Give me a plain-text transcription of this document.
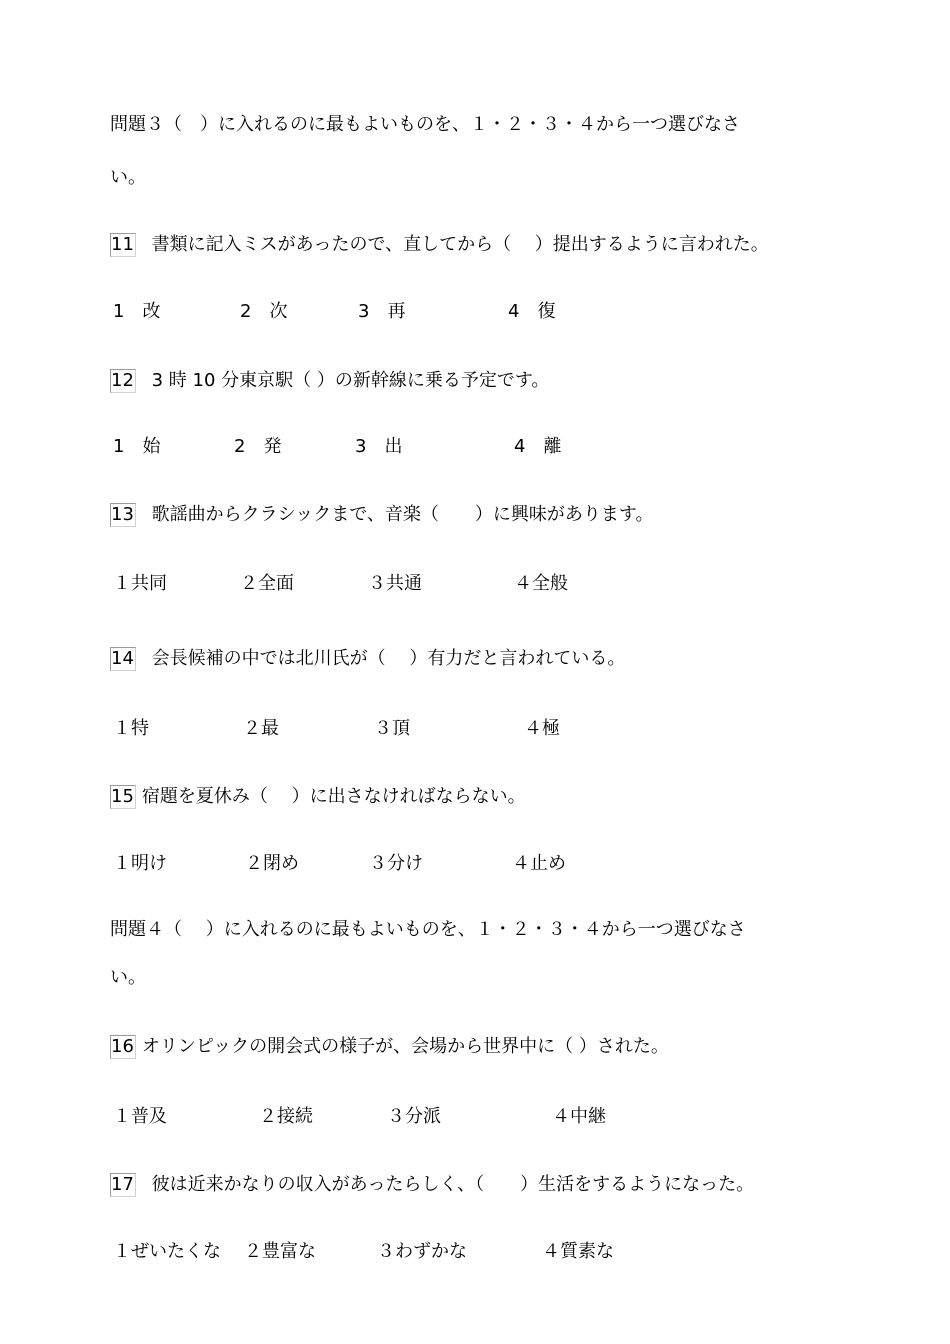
問題３（　）に入れるのに最もよいものを、１・２・３・４から一つ選びなさ
い。
11 書類に記入ミスがあったので、直してから（　 ）提出するように言われた。
1　改	2　次	3　再	4　復
12 3 時 10 分東京駅（ ）の新幹線に乗る予定です。
1　始	2　発	3　出	4　離
13 歌謡曲からクラシックまで、音楽（　　）に興味があります。
１共同	２全面	３共通	４全般
14 会長候補の中では北川氏が（　 ）有力だと言われている。
１特	２最	３頂	４極
15 宿題を夏休み（　 ）に出さなければならない。
１明け	２閉め	３分け	４止め
問題４（　 ）に入れるのに最もよいものを、１・２・３・４から一つ選びなさ
い。
16 オリンピックの開会式の様子が、会場から世界中に（ ）された。
１普及	２接続	３分派	４中継
17 彼は近来かなりの収入があったらしく、（　　）生活をするようになった。
１ぜいたくな ２豊富な	３わずかな	４質素な
